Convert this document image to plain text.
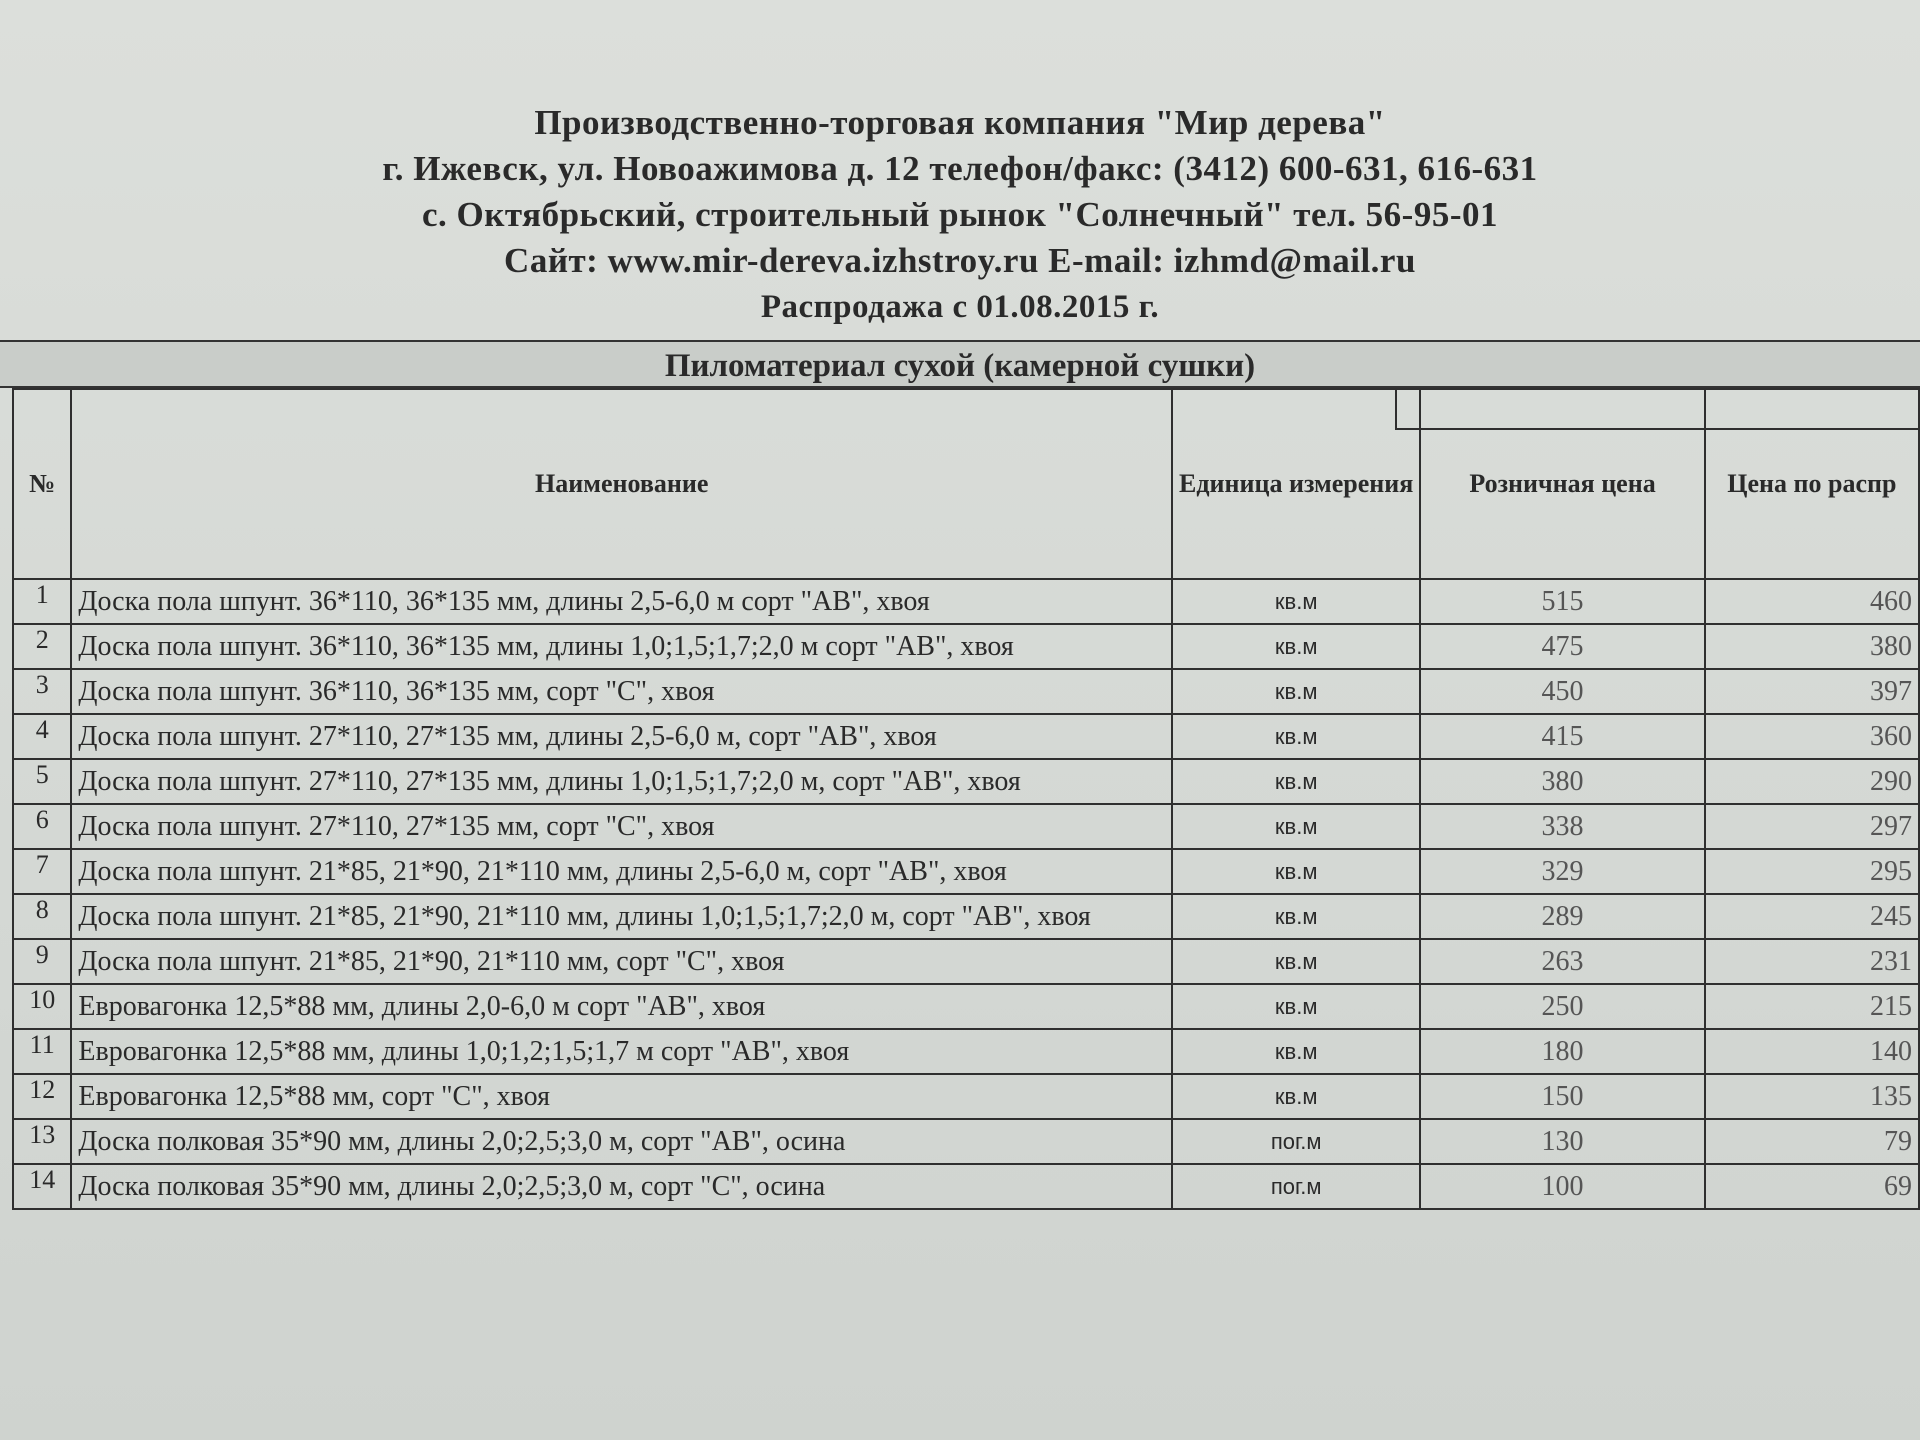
Производственно-торговая компания "Мир дерева"
г. Ижевск, ул. Новоажимова д. 12 телефон/факс: (3412) 600-631, 616-631
с. Октябрьский, строительный рынок "Солнечный" тел. 56-95-01
Сайт: www.mir-dereva.izhstroy.ru E-mail: izhmd@mail.ru
Распродажа с 01.08.2015 г.
Пиломатериал сухой (камерной сушки)
№	Наименование	Единица измерения	Розничная цена	Цена по распр
1	Доска пола шпунт. 36*110, 36*135 мм, длины 2,5-6,0 м сорт "АВ", хвоя	кв.м	515	460
2	Доска пола шпунт. 36*110, 36*135 мм, длины 1,0;1,5;1,7;2,0 м сорт "АВ", хвоя	кв.м	475	380
3	Доска пола шпунт. 36*110, 36*135 мм, сорт "С", хвоя	кв.м	450	397
4	Доска пола шпунт. 27*110, 27*135 мм, длины 2,5-6,0 м, сорт "АВ", хвоя	кв.м	415	360
5	Доска пола шпунт. 27*110, 27*135 мм, длины 1,0;1,5;1,7;2,0 м, сорт "АВ", хвоя	кв.м	380	290
6	Доска пола шпунт. 27*110, 27*135 мм, сорт "С", хвоя	кв.м	338	297
7	Доска пола шпунт. 21*85, 21*90, 21*110 мм, длины 2,5-6,0 м, сорт "АВ", хвоя	кв.м	329	295
8	Доска пола шпунт. 21*85, 21*90, 21*110 мм, длины 1,0;1,5;1,7;2,0 м, сорт "АВ", хвоя	кв.м	289	245
9	Доска пола шпунт. 21*85, 21*90, 21*110 мм, сорт "С", хвоя	кв.м	263	231
10	Евровагонка 12,5*88 мм, длины 2,0-6,0 м сорт "АВ", хвоя	кв.м	250	215
11	Евровагонка 12,5*88 мм, длины 1,0;1,2;1,5;1,7 м сорт "АВ", хвоя	кв.м	180	140
12	Евровагонка 12,5*88 мм, сорт "С", хвоя	кв.м	150	135
13	Доска полковая 35*90 мм, длины 2,0;2,5;3,0 м, сорт "АВ", осина	пог.м	130	79
14	Доска полковая 35*90 мм, длины 2,0;2,5;3,0 м, сорт "С", осина	пог.м	100	69
